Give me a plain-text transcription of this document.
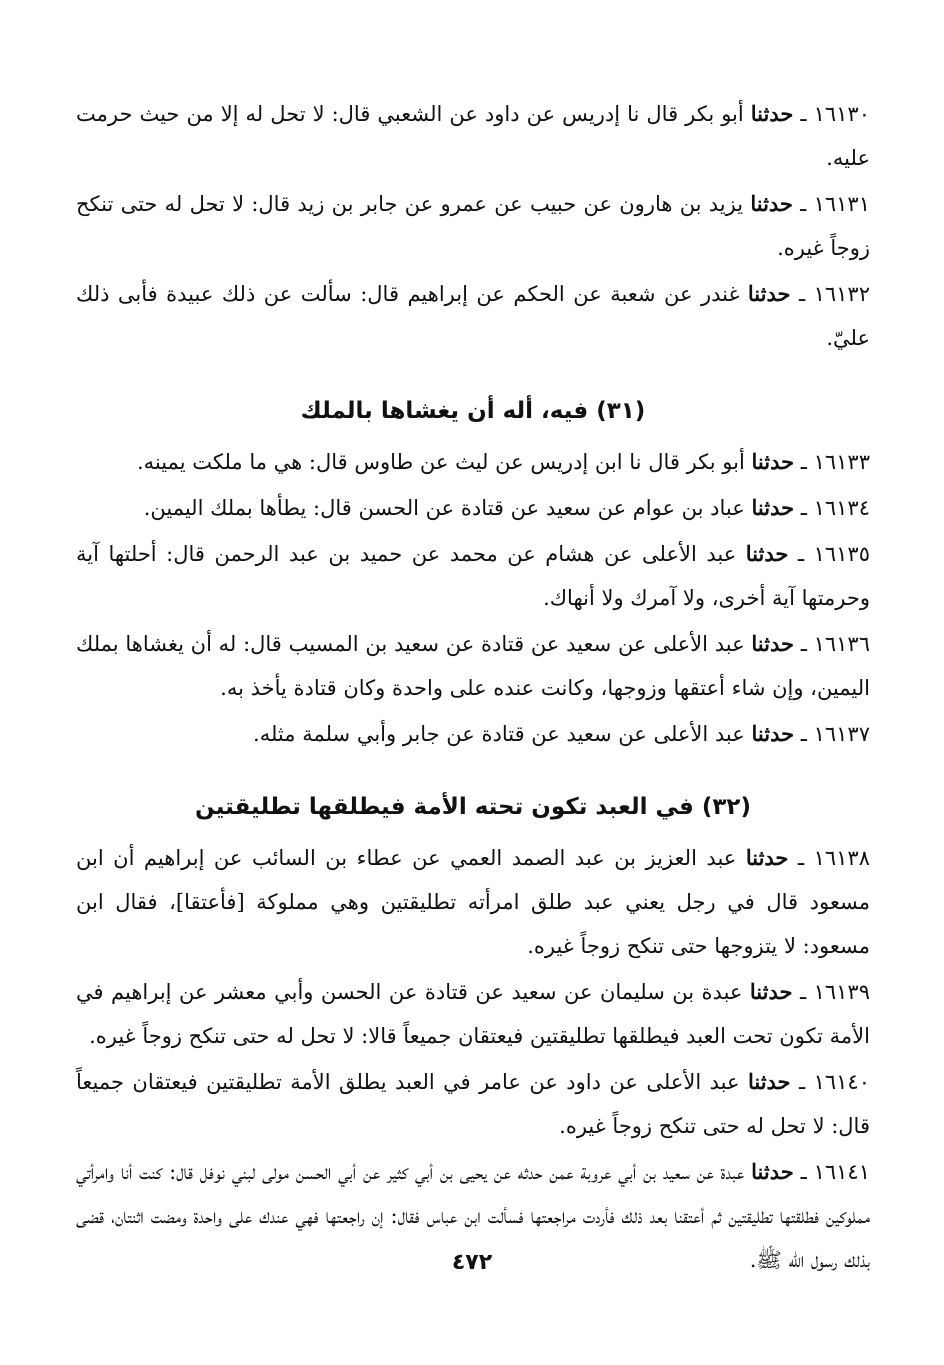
١٦١٣٠ ـ حدثنا أبو بكر قال نا إدريس عن داود عن الشعبي قال: لا تحل له إلا من حيث حرمت عليه.

١٦١٣١ ـ حدثنا يزيد بن هارون عن حبيب عن عمرو عن جابر بن زيد قال: لا تحل له حتى تنكح زوجاً غيره.

١٦١٣٢ ـ حدثنا غندر عن شعبة عن الحكم عن إبراهيم قال: سألت عن ذلك عبيدة فأبى ذلك عليّ.

(٣١) فيه، أله أن يغشاها بالملك

١٦١٣٣ ـ حدثنا أبو بكر قال نا ابن إدريس عن ليث عن طاوس قال: هي ما ملكت يمينه.

١٦١٣٤ ـ حدثنا عباد بن عوام عن سعيد عن قتادة عن الحسن قال: يطأها بملك اليمين.

١٦١٣٥ ـ حدثنا عبد الأعلى عن هشام عن محمد عن حميد بن عبد الرحمن قال: أحلتها آية وحرمتها آية أخرى، ولا آمرك ولا أنهاك.

١٦١٣٦ ـ حدثنا عبد الأعلى عن سعيد عن قتادة عن سعيد بن المسيب قال: له أن يغشاها بملك اليمين، وإن شاء أعتقها وزوجها، وكانت عنده على واحدة وكان قتادة يأخذ به.

١٦١٣٧ ـ حدثنا عبد الأعلى عن سعيد عن قتادة عن جابر وأبي سلمة مثله.

(٣٢) في العبد تكون تحته الأمة فيطلقها تطليقتين

١٦١٣٨ ـ حدثنا عبد العزيز بن عبد الصمد العمي عن عطاء بن السائب عن إبراهيم أن ابن مسعود قال في رجل يعني عبد طلق امرأته تطليقتين وهي مملوكة [فأعتقا]، فقال ابن مسعود: لا يتزوجها حتى تنكح زوجاً غيره.

١٦١٣٩ ـ حدثنا عبدة بن سليمان عن سعيد عن قتادة عن الحسن وأبي معشر عن إبراهيم في الأمة تكون تحت العبد فيطلقها تطليقتين فيعتقان جميعاً قالا: لا تحل له حتى تنكح زوجاً غيره.

١٦١٤٠ ـ حدثنا عبد الأعلى عن داود عن عامر في العبد يطلق الأمة تطليقتين فيعتقان جميعاً قال: لا تحل له حتى تنكح زوجاً غيره.

١٦١٤١ ـ حدثنا عبدة عن سعيد بن أبي عروبة عمن حدثه عن يحيى بن أبي كثير عن أبي الحسن مولى لبني نوفل قال: كنت أنا وامرأتي مملوكين فطلقتها تطليقتين ثم أعتقنا بعد ذلك فأردت مراجعتها فسألت ابن عباس فقال: إن راجعتها فهي عندك على واحدة ومضت اثنتان، قضى بذلك رسول الله ﷺ.

٤٧٢
